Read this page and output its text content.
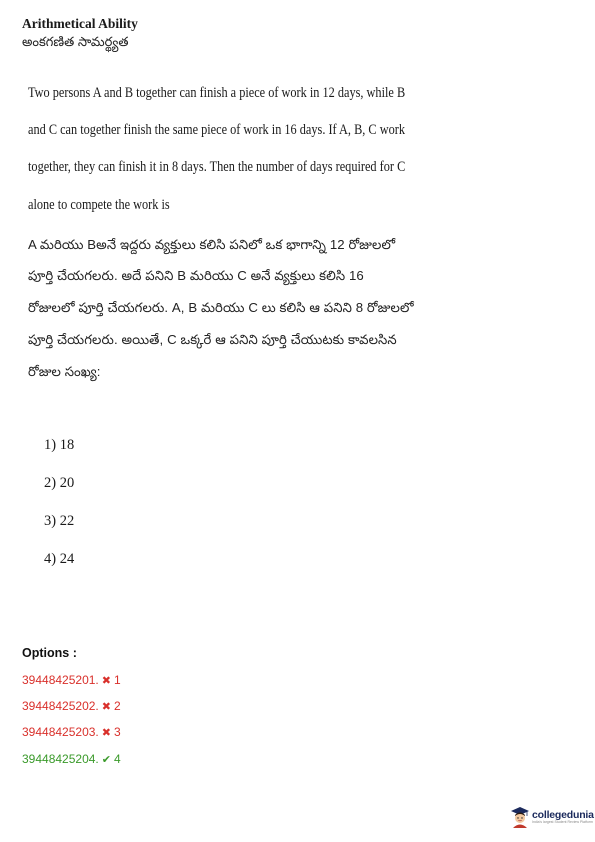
Arithmetical Ability
అంకగణిత సామర్థ్యత
Two persons A and B together can finish a piece of work in 12 days, while B
and C can together finish the same piece of work in 16 days. If A, B, C work
together, they can finish it in 8 days. Then the number of days required for C
alone to compete the work is
A మరియు Bఅనే ఇద్దరు వ్యక్తులు కలిసి పనిలో ఒక భాగాన్ని 12 రోజులలో
పూర్తి చేయగలరు. అదే పనిని B మరియు C అనే వ్యక్తులు కలిసి 16
రోజులలో పూర్తి చేయగలరు. A, B మరియు C లు కలిసి ఆ పనిని 8 రోజులలో
పూర్తి చేయగలరు. అయితే, C ఒక్కరే ఆ పనిని పూర్తి చేయుటకు కావలసిన
రోజుల సంఖ్య:
1) 18
2) 20
3) 22
4) 24
Options :
39448425201. ✖ 1
39448425202. ✖ 2
39448425203. ✖ 3
39448425204. ✔ 4
collegedunia
India's largest Student Review Platform
